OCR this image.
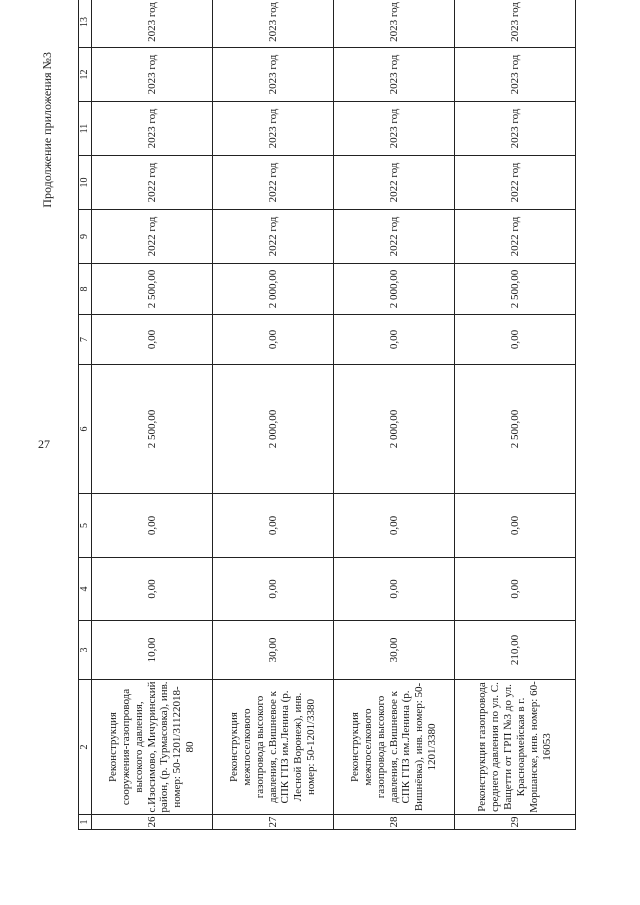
27
Продолжение приложения №3
1	2	3	4	5	6	7	8	9	10	11	12	13
26	Реконструкция сооружения-газопровода высокого давления, с.Изосимово, Мичуринский район, (р. Турмасовка), инв. номер: 50-1201/31122018-80	10,00	0,00	0,00	2 500,00	0,00	2 500,00	2022 год	2022 год	2023 год	2023 год	2023 год
27	Реконструкция межпоселкового газопровода высокого давления, с.Вишневое к СПК ГПЗ им.Ленина (р. Лесной Воронеж), инв. номер: 50-1201/3380	30,00	0,00	0,00	2 000,00	0,00	2 000,00	2022 год	2022 год	2023 год	2023 год	2023 год
28	Реконструкция межпоселкового газопровода высокого давления, с.Вишневое к СПК ГПЗ им.Ленина (р. Вишнёвка), инв. номер: 50-1201/3380	30,00	0,00	0,00	2 000,00	0,00	2 000,00	2022 год	2022 год	2023 год	2023 год	2023 год
29	Реконструкция газопровода среднего давления по ул. С. Ващетти от ГРП №3 до ул. Красноармейская в г. Моршанске, инв. номер: 60-16053	210,00	0,00	0,00	2 500,00	0,00	2 500,00	2022 год	2022 год	2023 год	2023 год	2023 год
